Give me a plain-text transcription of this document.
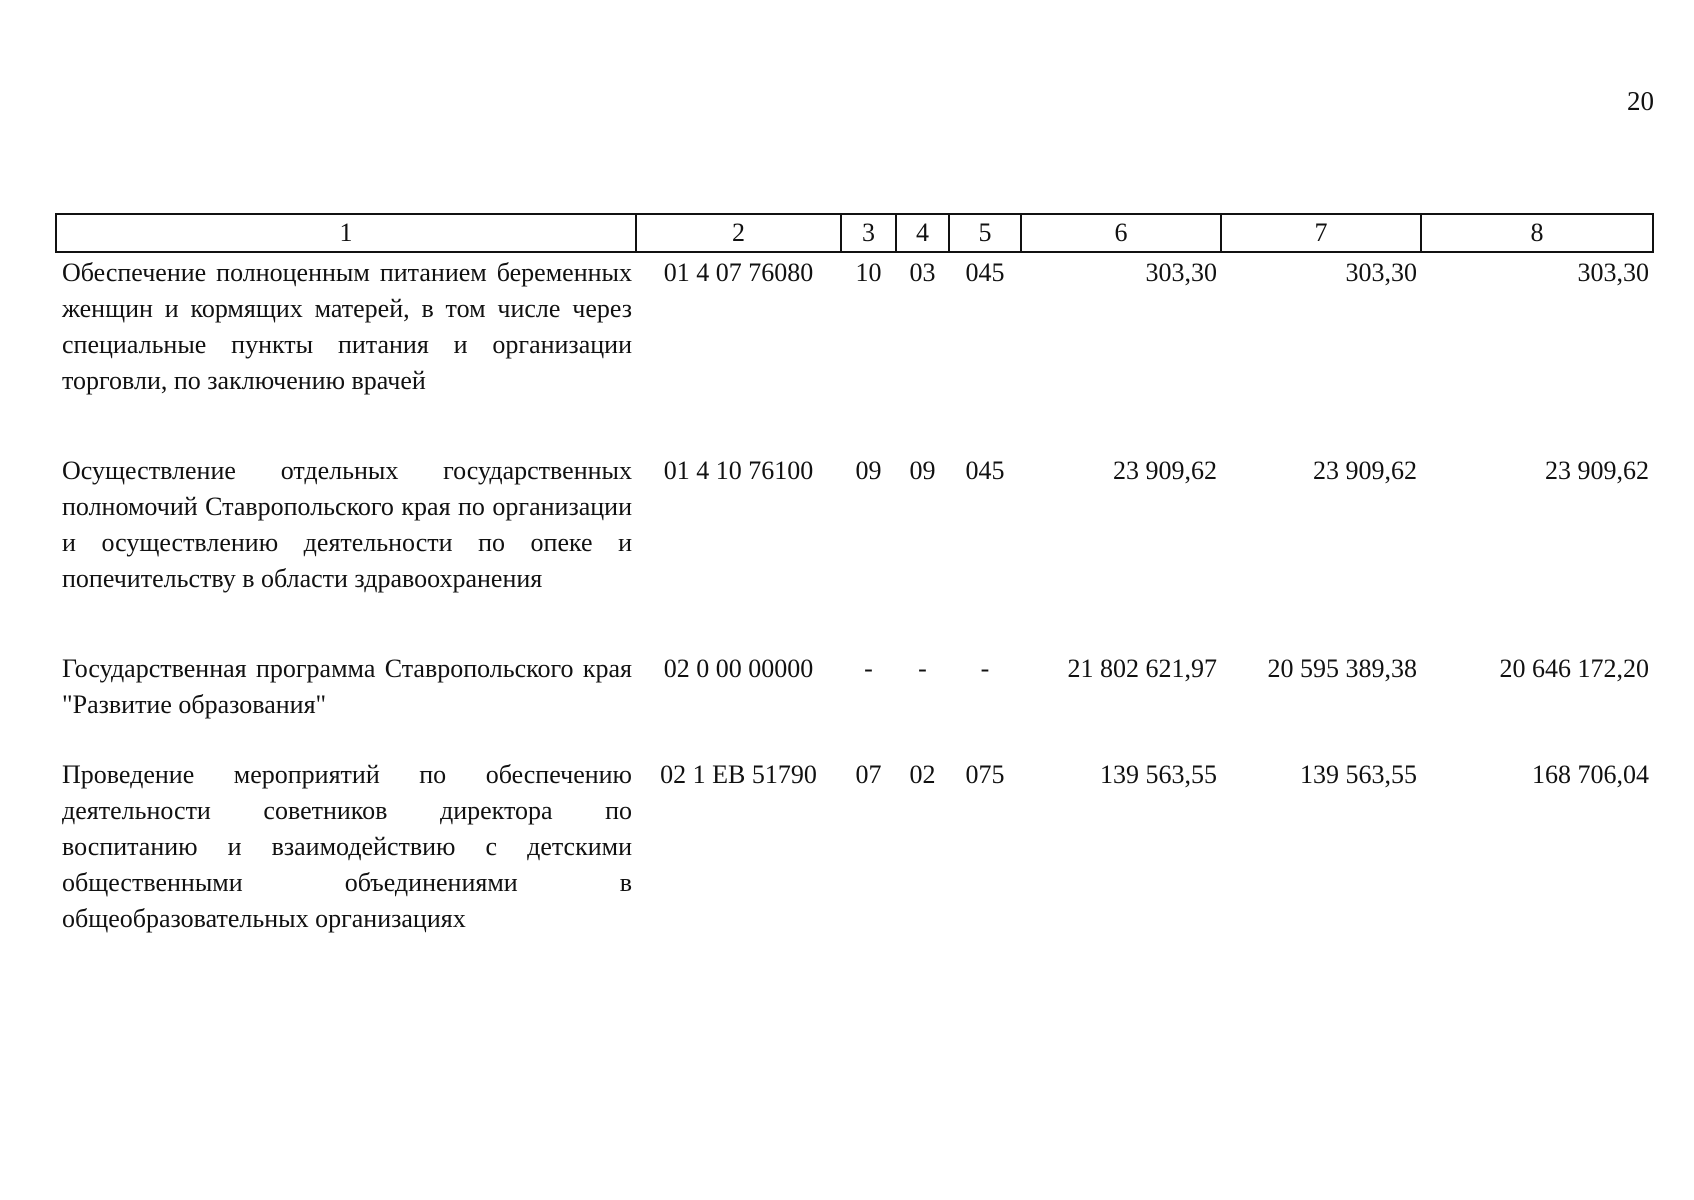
20
1	2	3	4	5	6	7	8
Обеспечение полноценным питанием беременных женщин и кормящих матерей, в том числе через специальные пункты питания и организации торговли, по заключению врачей	01 4 07 76080	10	03	045	303,30	303,30	303,30
Осуществление отдельных государственных полномочий Ставропольского края по организации и осуществлению деятельности по опеке и попечительству в области здравоохранения	01 4 10 76100	09	09	045	23 909,62	23 909,62	23 909,62
Государственная программа Ставропольского края "Развитие образования"	02 0 00 00000	-	-	-	21 802 621,97	20 595 389,38	20 646 172,20
Проведение мероприятий по обеспечению деятельности советников директора по воспитанию и взаимодействию с детскими общественными объединениями в общеобразовательных организациях	02 1 EB 51790	07	02	075	139 563,55	139 563,55	168 706,04
